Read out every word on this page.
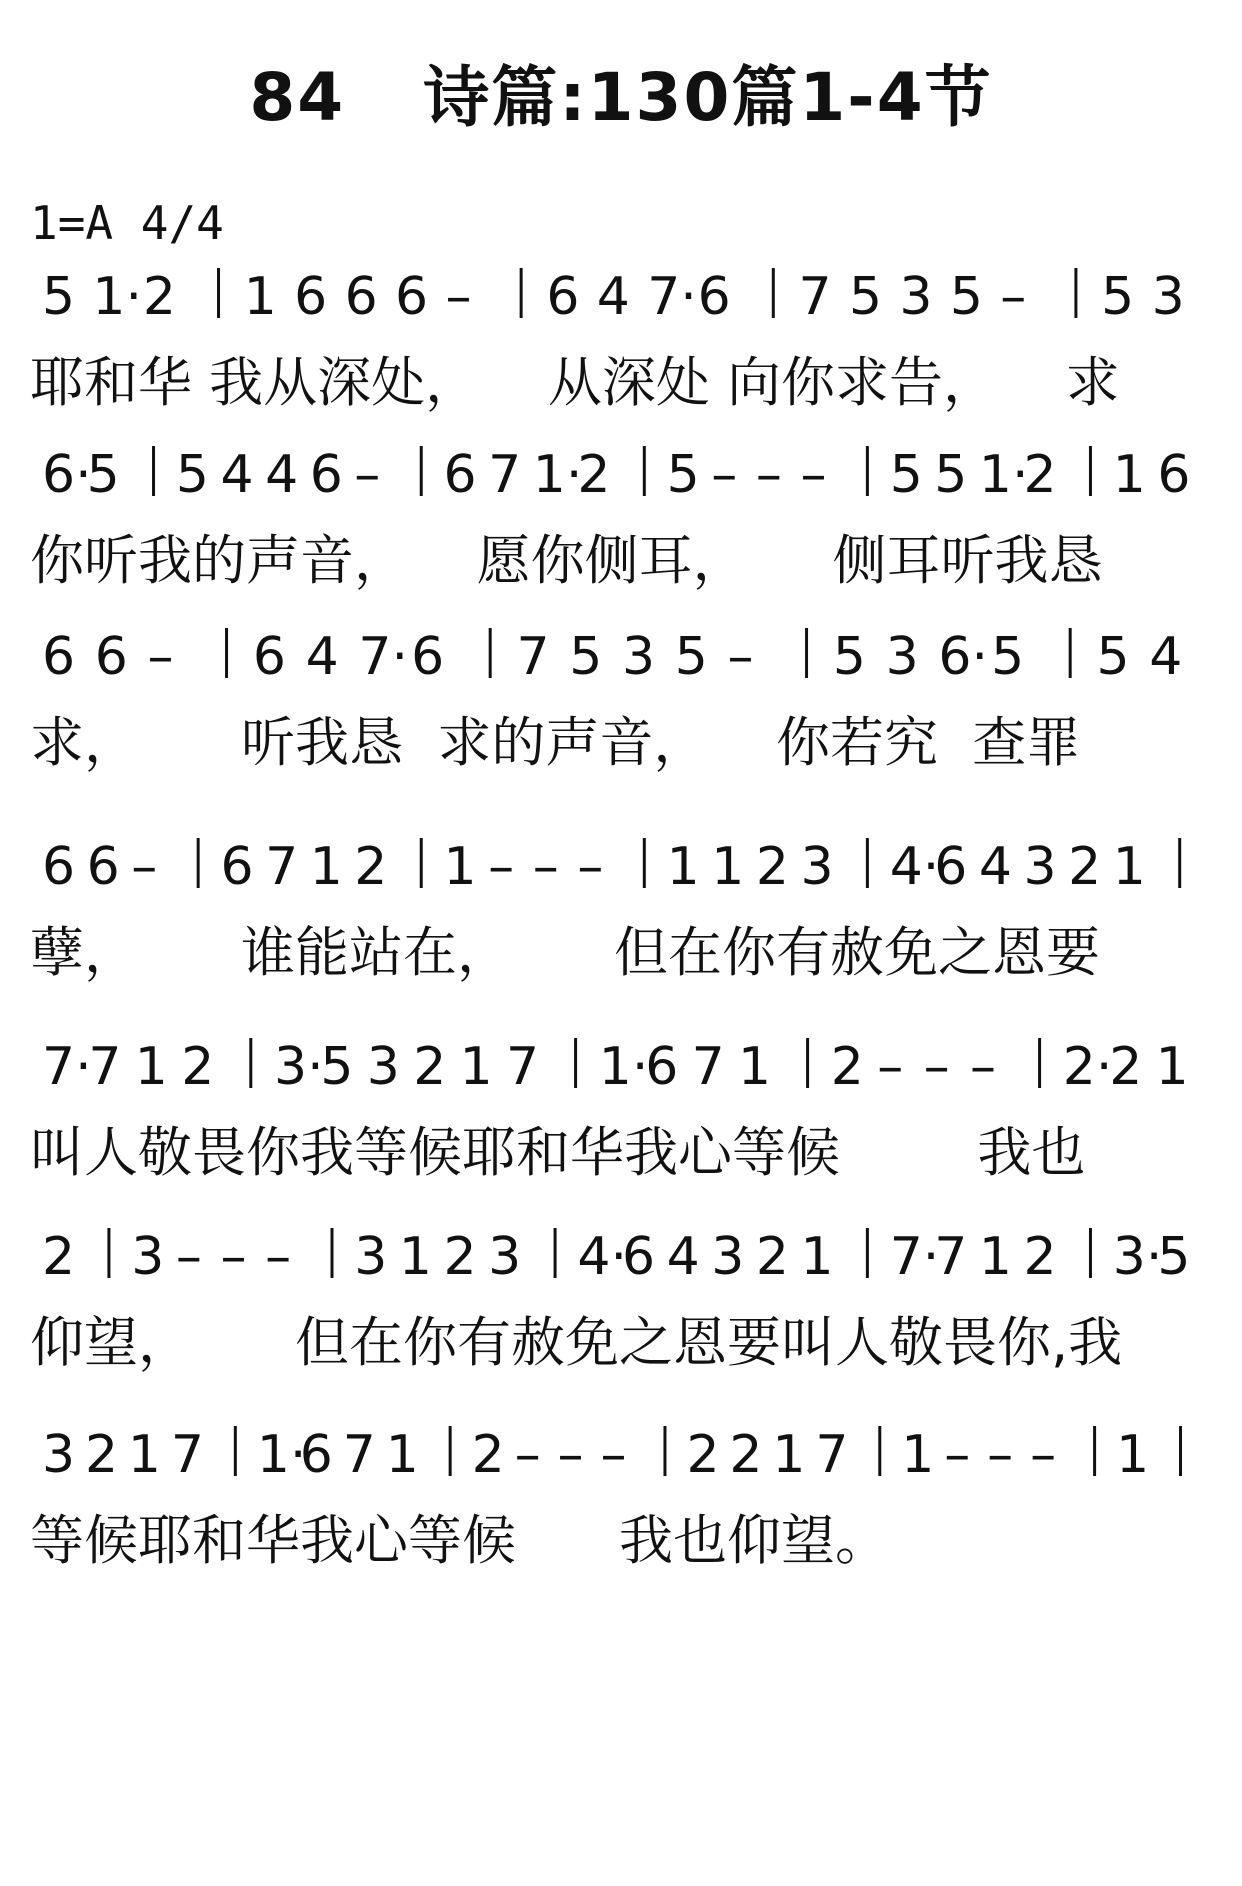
84 诗篇:130篇1-4节
1=A 4/4
5 1· 2 1 6 6 6 – 6 4 7· 6 7 5 3 5 – 5 3
耶和华 我从深处，    从深处 向你求告，    求
6·
5 5 4 4 6 – 6 7 1·
2 5 – – – 5 5 1·
2 1 6
你听我的声音，    愿你侧耳，     侧耳听我恳
6 6 – 6 4 7· 6 7 5 3 5 – 5 3 6· 5 5 4
求，      听我恳  求的声音，    你若究  查罪
6 6 – 6 7 1 2 1 – – – 1 1 2 3 4·
6 4 3 2 1
孽，      谁能站在，      但在你有赦免之恩要
7·
7 1 2 3·
5 3 2 1 7 1·
6 7 1 2 – – – 2·
2 1
叫人敬畏你我等候耶和华我心等候        我也
2 3 – – – 3 1 2 3 4·
6 4 3 2 1 7·
7 1 2 3·
5
仰望，      但在你有赦免之恩要叫人敬畏你,我
3 2 1 7 1·
6 7 1 2 – – – 2 2 1 7 1 – – – 1
等候耶和华我心等候      我也仰望。
